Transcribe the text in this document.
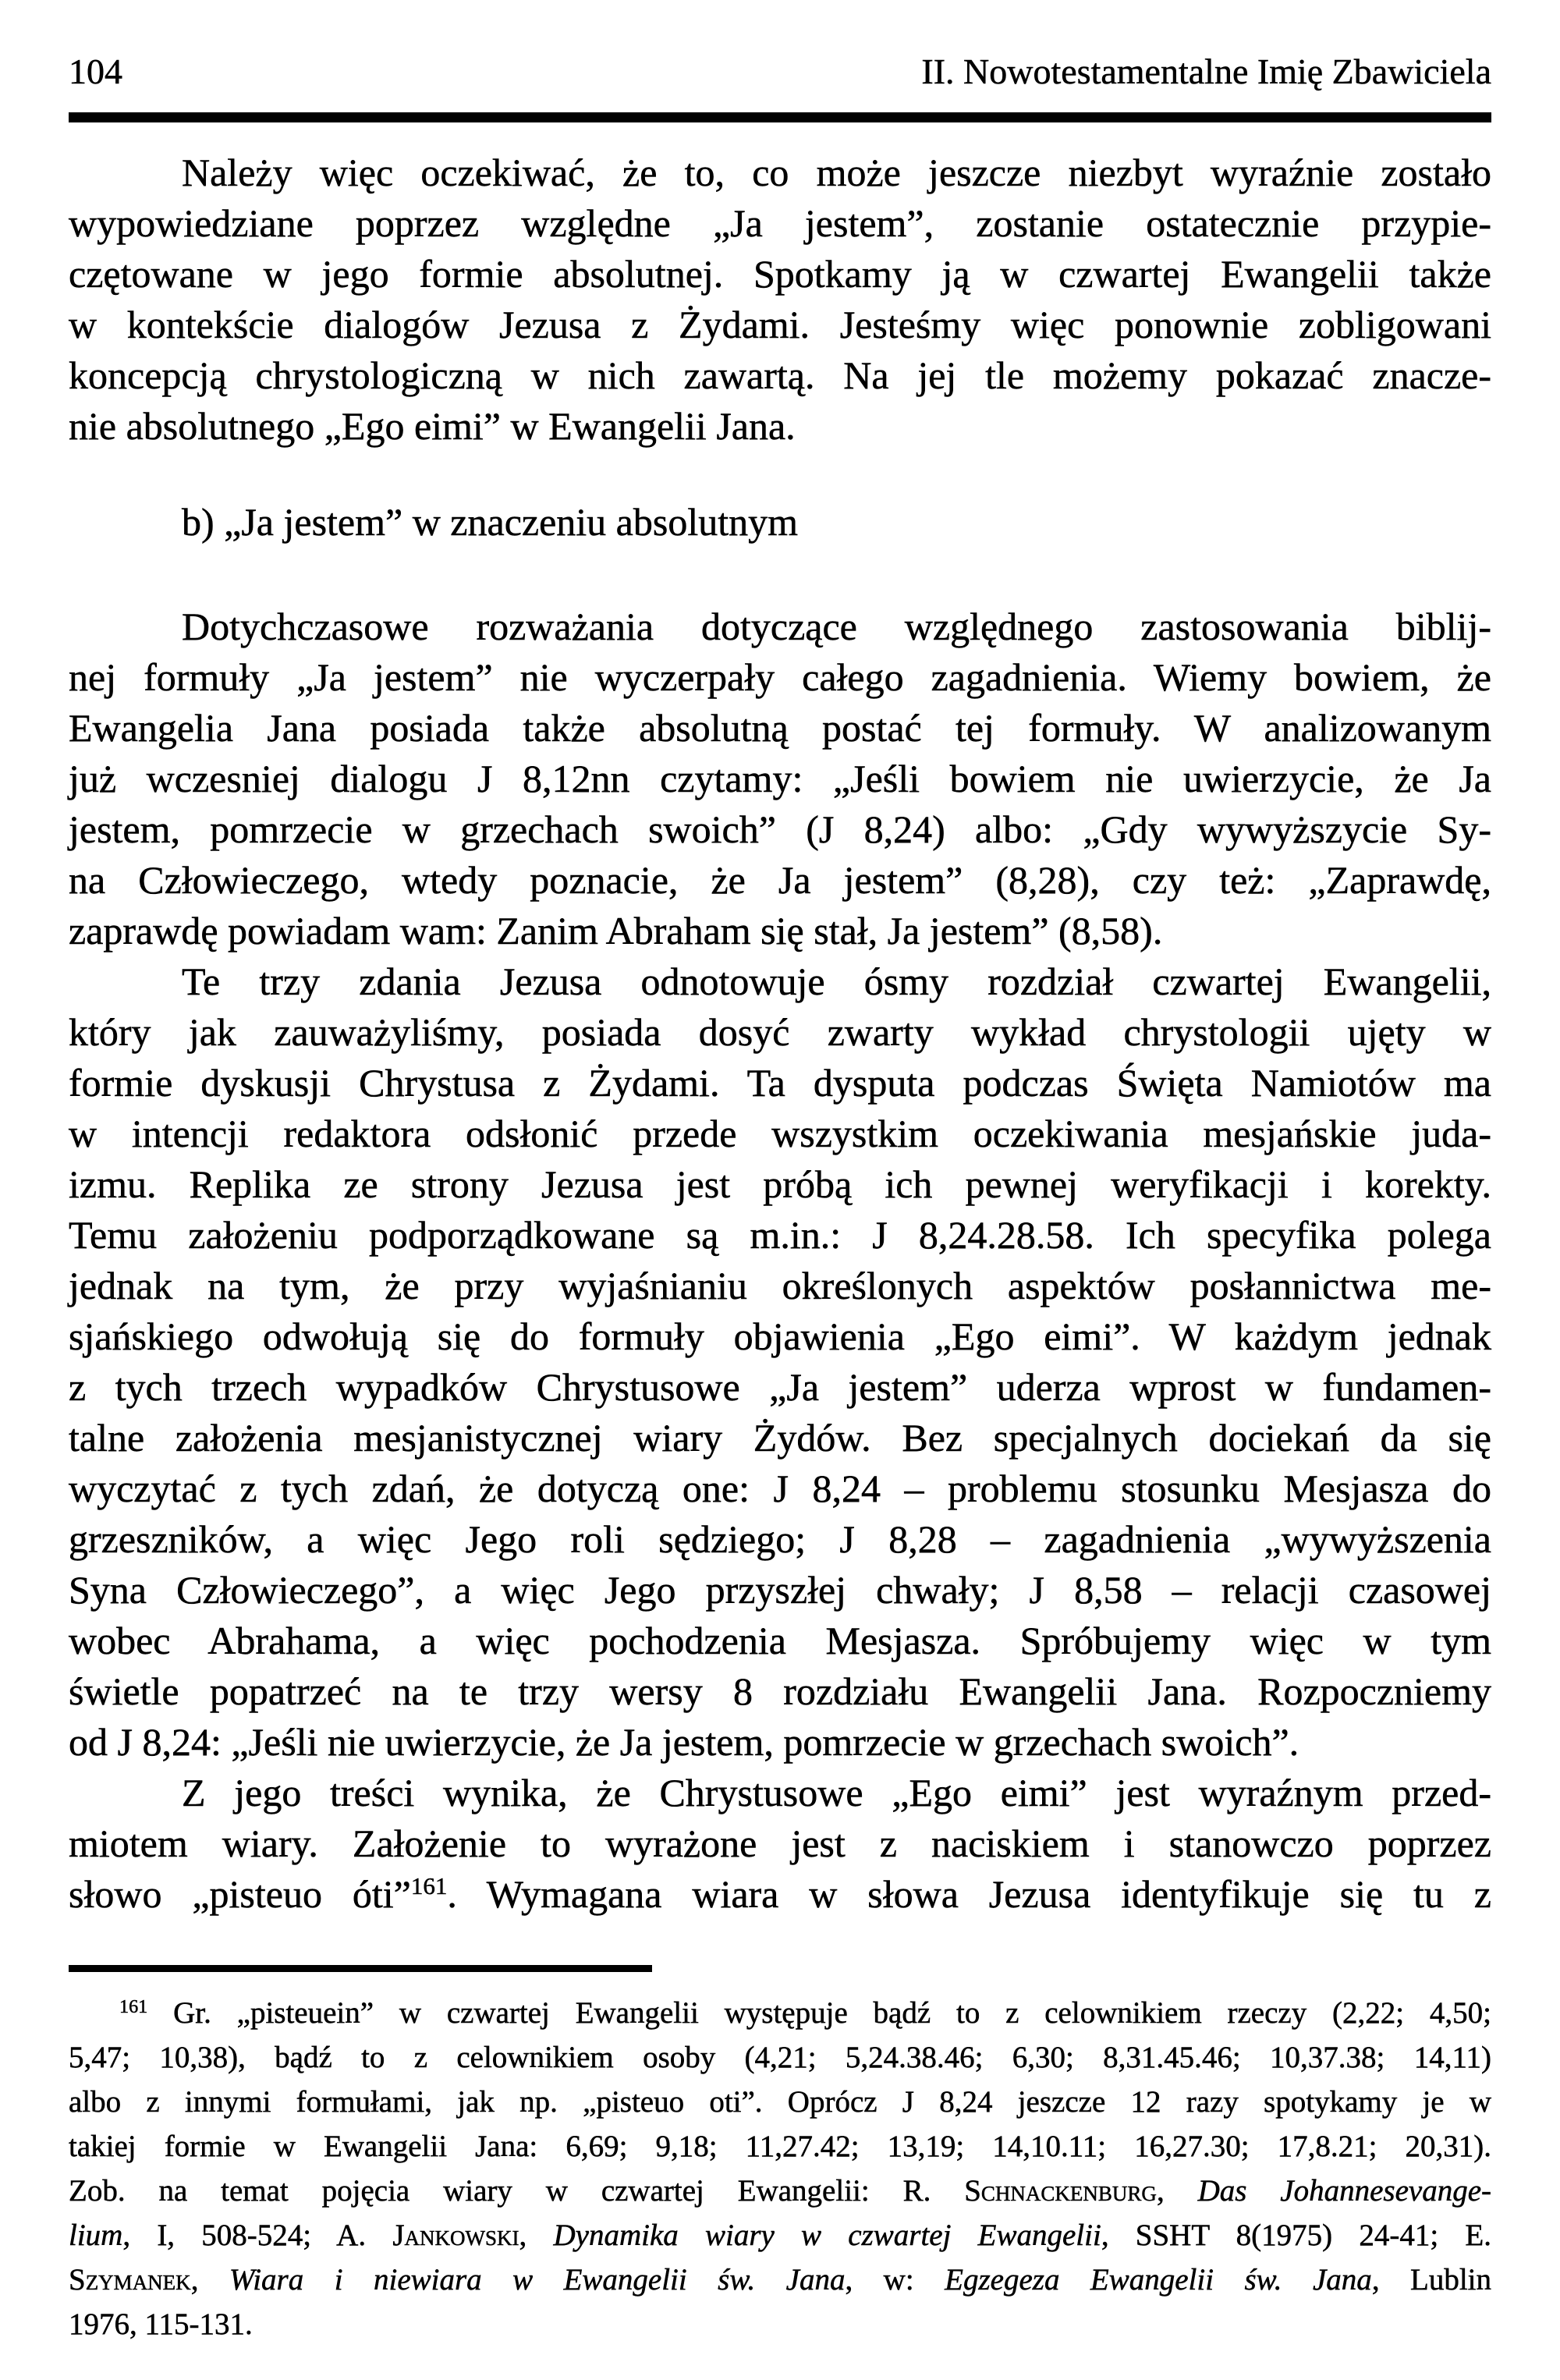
104	II. Nowotestamentalne Imię Zbawiciela
Należy więc oczekiwać, że to, co może jeszcze niezbyt wyraźnie zostało
wypowiedziane poprzez względne „Ja jestem”, zostanie ostatecznie przypie-
czętowane w jego formie absolutnej. Spotkamy ją w czwartej Ewangelii także
w kontekście dialogów Jezusa z Żydami. Jesteśmy więc ponownie zobligowani
koncepcją chrystologiczną w nich zawartą. Na jej tle możemy pokazać znacze-
nie absolutnego „Ego eimi” w Ewangelii Jana.
b) „Ja jestem” w znaczeniu absolutnym
Dotychczasowe rozważania dotyczące względnego zastosowania biblij-
nej formuły „Ja jestem” nie wyczerpały całego zagadnienia. Wiemy bowiem, że
Ewangelia Jana posiada także absolutną postać tej formuły. W analizowanym
już wczesniej dialogu J 8,12nn czytamy: „Jeśli bowiem nie uwierzycie, że Ja
jestem, pomrzecie w grzechach swoich” (J 8,24) albo: „Gdy wywyższycie Sy-
na Człowieczego, wtedy poznacie, że Ja jestem” (8,28), czy też: „Zaprawdę,
zaprawdę powiadam wam: Zanim Abraham się stał, Ja jestem” (8,58).
Te trzy zdania Jezusa odnotowuje ósmy rozdział czwartej Ewangelii,
który jak zauważyliśmy, posiada dosyć zwarty wykład chrystologii ujęty w
formie dyskusji Chrystusa z Żydami. Ta dysputa podczas Święta Namiotów ma
w intencji redaktora odsłonić przede wszystkim oczekiwania mesjańskie juda-
izmu. Replika ze strony Jezusa jest próbą ich pewnej weryfikacji i korekty.
Temu założeniu podporządkowane są m.in.: J 8,24.28.58. Ich specyfika polega
jednak na tym, że przy wyjaśnianiu określonych aspektów posłannictwa me-
sjańskiego odwołują się do formuły objawienia „Ego eimi”. W każdym jednak
z tych trzech wypadków Chrystusowe „Ja jestem” uderza wprost w fundamen-
talne założenia mesjanistycznej wiary Żydów. Bez specjalnych dociekań da się
wyczytać z tych zdań, że dotyczą one: J 8,24 – problemu stosunku Mesjasza do
grzeszników, a więc Jego roli sędziego; J 8,28 – zagadnienia „wywyższenia
Syna Człowieczego”, a więc Jego przyszłej chwały; J 8,58 – relacji czasowej
wobec Abrahama, a więc pochodzenia Mesjasza. Spróbujemy więc w tym
świetle popatrzeć na te trzy wersy 8 rozdziału Ewangelii Jana. Rozpoczniemy
od J 8,24: „Jeśli nie uwierzycie, że Ja jestem, pomrzecie w grzechach swoich”.
Z jego treści wynika, że Chrystusowe „Ego eimi” jest wyraźnym przed-
miotem wiary. Założenie to wyrażone jest z naciskiem i stanowczo poprzez
słowo „pisteuo óti”$^{161}$. Wymagana wiara w słowa Jezusa identyfikuje się tu z
$^{161}$ Gr. „pisteuein” w czwartej Ewangelii występuje bądź to z celownikiem rzeczy (2,22; 4,50;
5,47; 10,38), bądź to z celownikiem osoby (4,21; 5,24.38.46; 6,30; 8,31.45.46; 10,37.38; 14,11)
albo z innymi formułami, jak np. „pisteuo oti”. Oprócz J 8,24 jeszcze 12 razy spotykamy je w
takiej formie w Ewangelii Jana: 6,69; 9,18; 11,27.42; 13,19; 14,10.11; 16,27.30; 17,8.21; 20,31).
Zob. na temat pojęcia wiary w czwartej Ewangelii: R. Schnackenburg, Das Johannesevange-
lium, I, 508-524; A. Jankowski, Dynamika wiary w czwartej Ewangelii, SSHT 8(1975) 24-41; E.
Szymanek, Wiara i niewiara w Ewangelii św. Jana, w: Egzegeza Ewangelii św. Jana, Lublin
1976, 115-131.
